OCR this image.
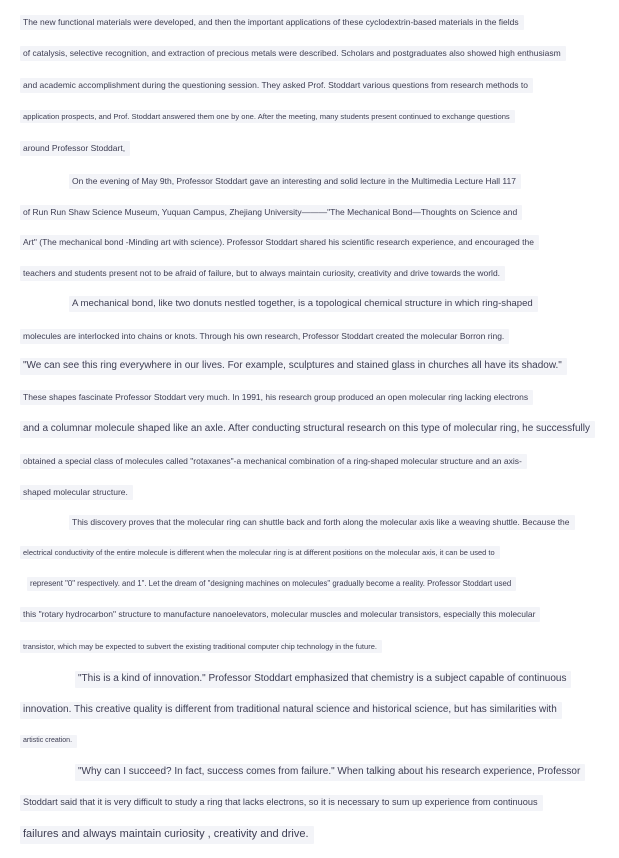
The new functional materials were developed, and then the important applications of these cyclodextrin-based materials in the fields
of catalysis, selective recognition, and extraction of precious metals were described. Scholars and postgraduates also showed high enthusiasm
and academic accomplishment during the questioning session. They asked Prof. Stoddart various questions from research methods to
application prospects, and Prof. Stoddart answered them one by one. After the meeting, many students present continued to exchange questions
around Professor Stoddart,
On the evening of May 9th, Professor Stoddart gave an interesting and solid lecture in the Multimedia Lecture Hall 117
of Run Run Shaw Science Museum, Yuquan Campus, Zhejiang University———"The Mechanical Bond—Thoughts on Science and
Art" (The mechanical bond -Minding art with science). Professor Stoddart shared his scientific research experience, and encouraged the
teachers and students present not to be afraid of failure, but to always maintain curiosity, creativity and drive towards the world.
A mechanical bond, like two donuts nestled together, is a topological chemical structure in which ring-shaped
molecules are interlocked into chains or knots. Through his own research, Professor Stoddart created the molecular Borron ring.
"We can see this ring everywhere in our lives. For example, sculptures and stained glass in churches all have its shadow."
These shapes fascinate Professor Stoddart very much. In 1991, his research group produced an open molecular ring lacking electrons
and a columnar molecule shaped like an axle. After conducting structural research on this type of molecular ring, he successfully
obtained a special class of molecules called "rotaxanes"-a mechanical combination of a ring-shaped molecular structure and an axis-
shaped molecular structure.
This discovery proves that the molecular ring can shuttle back and forth along the molecular axis like a weaving shuttle. Because the
electrical conductivity of the entire molecule is different when the molecular ring is at different positions on the molecular axis, it can be used to
represent "0" respectively. and 1". Let the dream of "designing machines on molecules" gradually become a reality. Professor Stoddart used
this "rotary hydrocarbon" structure to manufacture nanoelevators, molecular muscles and molecular transistors, especially this molecular
transistor, which may be expected to subvert the existing traditional computer chip technology in the future.
"This is a kind of innovation." Professor Stoddart emphasized that chemistry is a subject capable of continuous
innovation. This creative quality is different from traditional natural science and historical science, but has similarities with
artistic creation.
"Why can I succeed? In fact, success comes from failure." When talking about his research experience, Professor
Stoddart said that it is very difficult to study a ring that lacks electrons, so it is necessary to sum up experience from continuous
failures and always maintain curiosity , creativity and drive.
